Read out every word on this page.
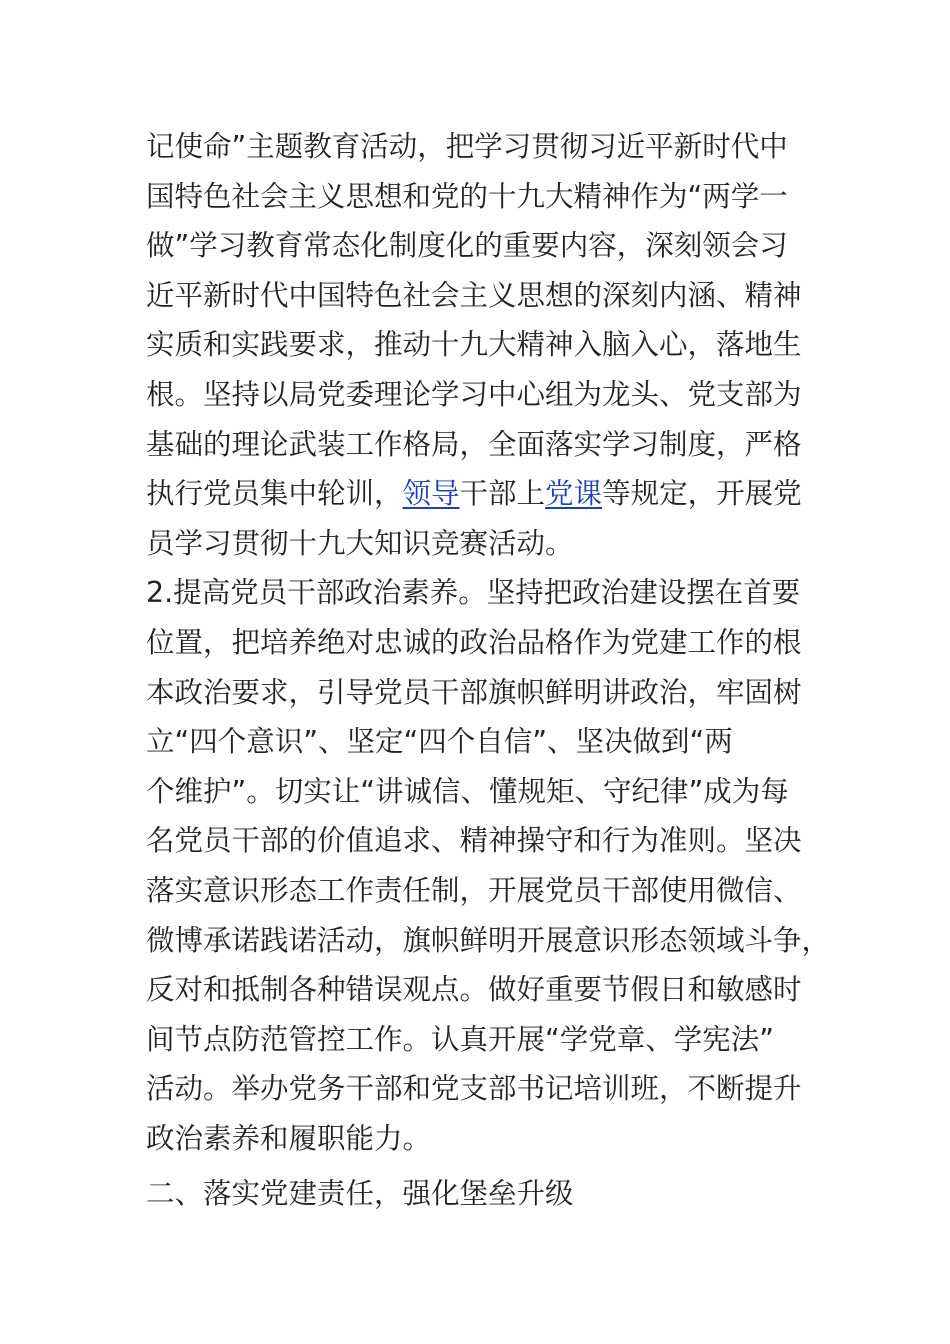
记使命”主题教育活动，把学习贯彻习近平新时代中
国特色社会主义思想和党的十九大精神作为“两学一
做”学习教育常态化制度化的重要内容，深刻领会习
近平新时代中国特色社会主义思想的深刻内涵、精神
实质和实践要求，推动十九大精神入脑入心，落地生
根。坚持以局党委理论学习中心组为龙头、党支部为
基础的理论武装工作格局，全面落实学习制度，严格
执行党员集中轮训，领导干部上党课等规定，开展党
员学习贯彻十九大知识竞赛活动。
2.提高党员干部政治素养。坚持把政治建设摆在首要
位置，把培养绝对忠诚的政治品格作为党建工作的根
本政治要求，引导党员干部旗帜鲜明讲政治，牢固树
立“四个意识”、坚定“四个自信”、坚决做到“两
个维护”。切实让“讲诚信、懂规矩、守纪律”成为每
名党员干部的价值追求、精神操守和行为准则。坚决
落实意识形态工作责任制，开展党员干部使用微信、
微博承诺践诺活动，旗帜鲜明开展意识形态领域斗争，
反对和抵制各种错误观点。做好重要节假日和敏感时
间节点防范管控工作。认真开展“学党章、学宪法”
活动。举办党务干部和党支部书记培训班，不断提升
政治素养和履职能力。
二、落实党建责任，强化堡垒升级
